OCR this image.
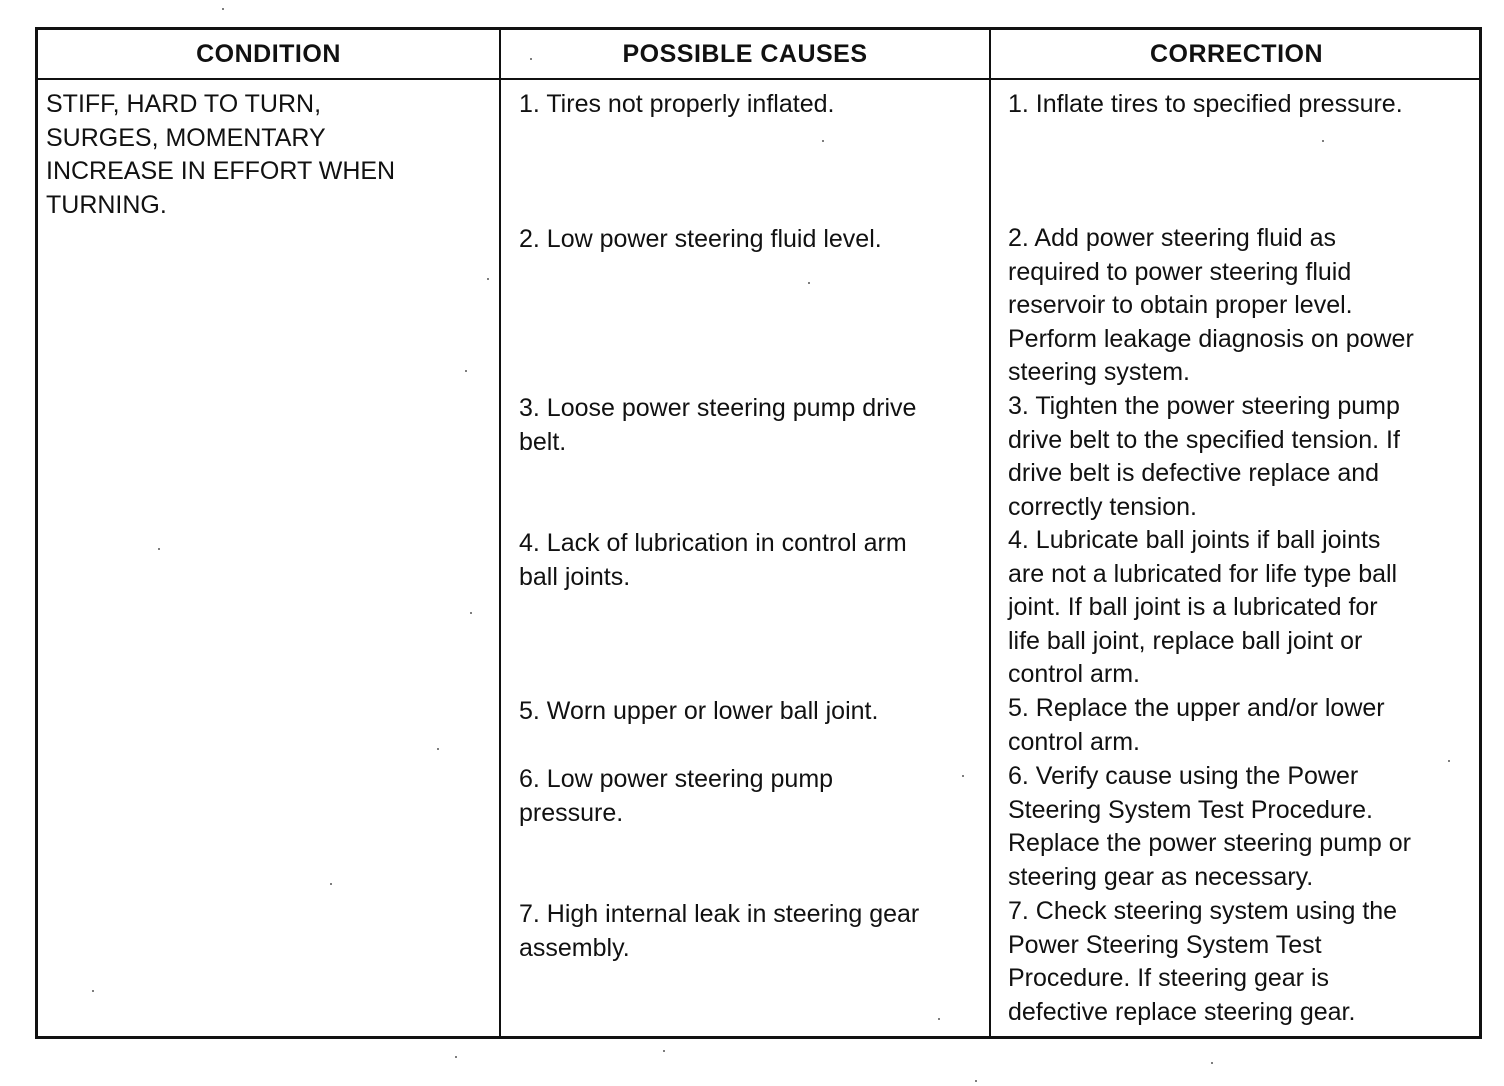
CONDITION	POSSIBLE CAUSES	CORRECTION
STIFF, HARD TO TURN,
SURGES, MOMENTARY
INCREASE IN EFFORT WHEN
TURNING.
1. Tires not properly inflated.
2. Low power steering fluid level.
3. Loose power steering pump drive
belt.
4. Lack of lubrication in control arm
ball joints.
5. Worn upper or lower ball joint.
6. Low power steering pump
pressure.
7. High internal leak in steering gear
assembly.
1. Inflate tires to specified pressure.
2. Add power steering fluid as
required to power steering fluid
reservoir to obtain proper level.
Perform leakage diagnosis on power
steering system.
3. Tighten the power steering pump
drive belt to the specified tension. If
drive belt is defective replace and
correctly tension.
4. Lubricate ball joints if ball joints
are not a lubricated for life type ball
joint. If ball joint is a lubricated for
life ball joint, replace ball joint or
control arm.
5. Replace the upper and/or lower
control arm.
6. Verify cause using the Power
Steering System Test Procedure.
Replace the power steering pump or
steering gear as necessary.
7. Check steering system using the
Power Steering System Test
Procedure. If steering gear is
defective replace steering gear.
